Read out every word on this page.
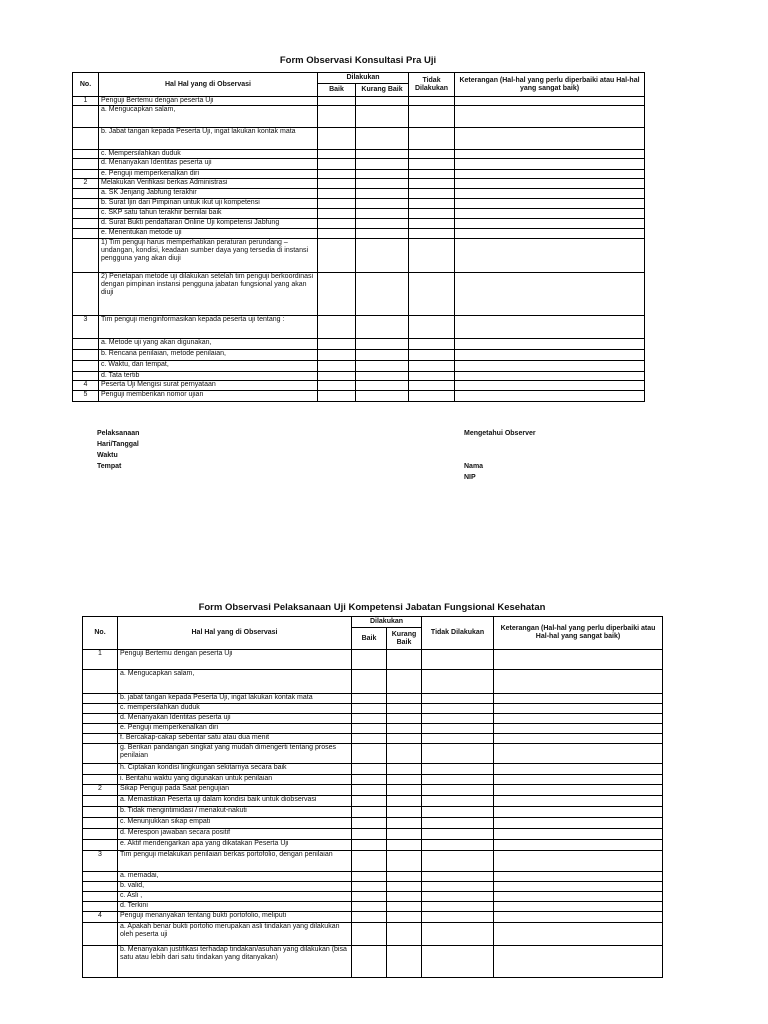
Form Observasi Konsultasi Pra Uji
No.	Hal Hal yang di Observasi	Dilakukan		Tidak Dilakukan	Keterangan (Hal-hal yang perlu diperbaiki atau Hal-hal yang sangat baik)
		Baik	Kurang Baik		
1	Penguji Bertemu dengan peserta Uji				
	a. Mengucapkan salam,				
	b. Jabat tangan kepada Peserta Uji, ingat lakukan kontak mata				
	c. Mempersilahkan duduk				
	d. Menanyakan Identitas peserta uji				
	e. Penguji memperkenalkan diri				
2	Melakukan Verifikasi berkas Administrasi				
	a. SK Jenjang Jabfung terakhir				
	b. Surat Ijin dari Pimpinan untuk ikut uji kompetensi				
	c. SKP satu tahun terakhir bernilai baik				
	d. Surat Bukti pendaftaran Online Uji kompetensi Jabfung				
	e. Menentukan metode uji				
	1) Tim penguji harus memperhatikan peraturan perundang – undangan, kondisi, keadaan sumber daya yang tersedia di instansi pengguna yang akan diuji				
	2) Penetapan metode uji dilakukan setelah tim penguji berkoordinasi dengan pimpinan instansi pengguna jabatan fungsional yang akan diuji				
3	Tim penguji menginformasikan kepada peserta uji tentang :				
	a. Metode uji yang akan digunakan,				
	b. Rencana penilaian, metode penilaian,				
	c. Waktu, dan tempat,				
	d. Tata tertib				
4	Peserta Uji Mengisi surat pernyataan				
5	Penguji memberikan nomor ujian				
Pelaksanaan
Hari/Tanggal
Waktu
Tempat
Mengetahui Observer
Nama
NIP
Form Observasi Pelaksanaan Uji Kompetensi Jabatan Fungsional Kesehatan
No.	Hal Hal yang di Observasi	Dilakukan		Tidak Dilakukan	Keterangan (Hal-hal yang perlu diperbaiki atau Hal-hal yang sangat baik)
		Baik	Kurang Baik		
1	Penguji Bertemu dengan peserta Uji				
	a. Mengucapkan salam,				
	b. jabat tangan kepada Peserta Uji, ingat lakukan kontak mata				
	c. mempersilahkan duduk				
	d. Menanyakan Identitas peserta uji				
	e. Penguji memperkenalkan diri				
	f. Bercakap-cakap sebentar satu atau dua menit				
	g. Berikan pandangan singkat yang mudah dimengerti tentang proses penilaian				
	h. Ciptakan kondisi lingkungan sekitarnya secara baik				
	i. Beritahu waktu yang digunakan untuk penilaian				
2	Sikap Penguji pada Saat pengujian				
	a. Memastikan Peserta uji dalam kondisi baik untuk diobservasi				
	b. Tidak mengintimidasi / menakut-nakuti				
	c. Menunjukkan sikap empati				
	d. Merespon jawaban secara positif				
	e. Aktif mendengarkan apa yang dikatakan Peserta Uji				
3	Tim penguji melakukan penilaian berkas portofolio, dengan penilaian				
	a. memadai,				
	b. valid,				
	c. Asli ,				
	d. Terkini				
4	Penguji menanyakan tentang bukti portofolio, meliputi				
	a. Apakah benar bukti portofio merupakan asli tindakan yang dilakukan oleh peserta uji				
	b. Menanyakan justifikasi terhadap tindakan/asuhan yang dilakukan (bisa satu atau lebih dari satu tindakan yang ditanyakan)				
